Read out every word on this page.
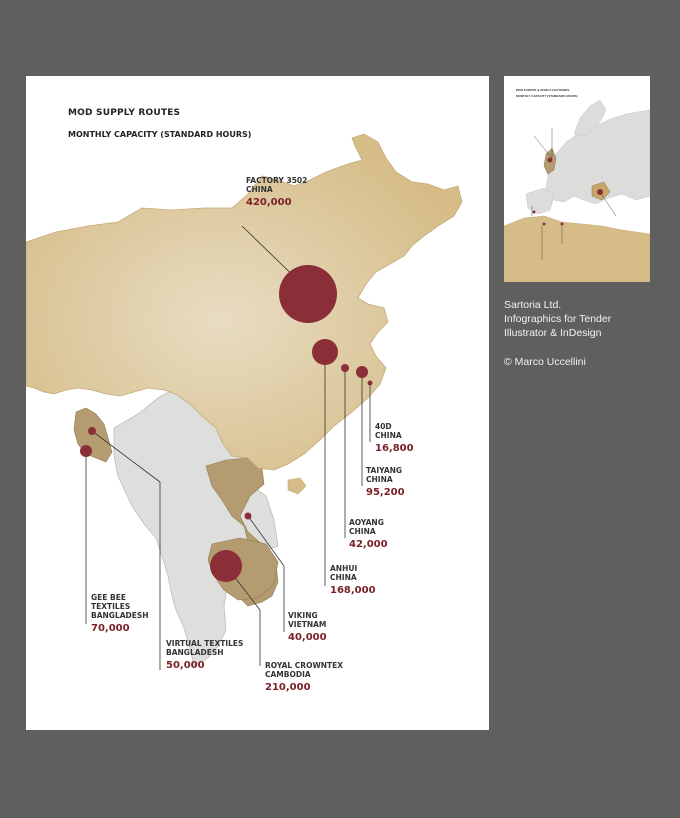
MOD SUPPLY ROUTES
MONTHLY CAPACITY (STANDARD HOURS)
FACTORY 3502
CHINA
420,000
40D
CHINA
16,800
TAIYANG
CHINA
95,200
AOYANG
CHINA
42,000
ANHUI
CHINA
168,000
VIKING
VIETNAM
40,000
ROYAL CROWNTEX
CAMBODIA
210,000
VIRTUAL TEXTILES
BANGLADESH
50,000
GEE BEE
TEXTILES
BANGLADESH
70,000
MOD EUROPE & AFRICA FACTORIES
MONTHLY CAPACITY (STANDARD HOURS)
Sartoria Ltd.
Infographics for Tender
Illustrator & InDesign
© Marco Uccellini
